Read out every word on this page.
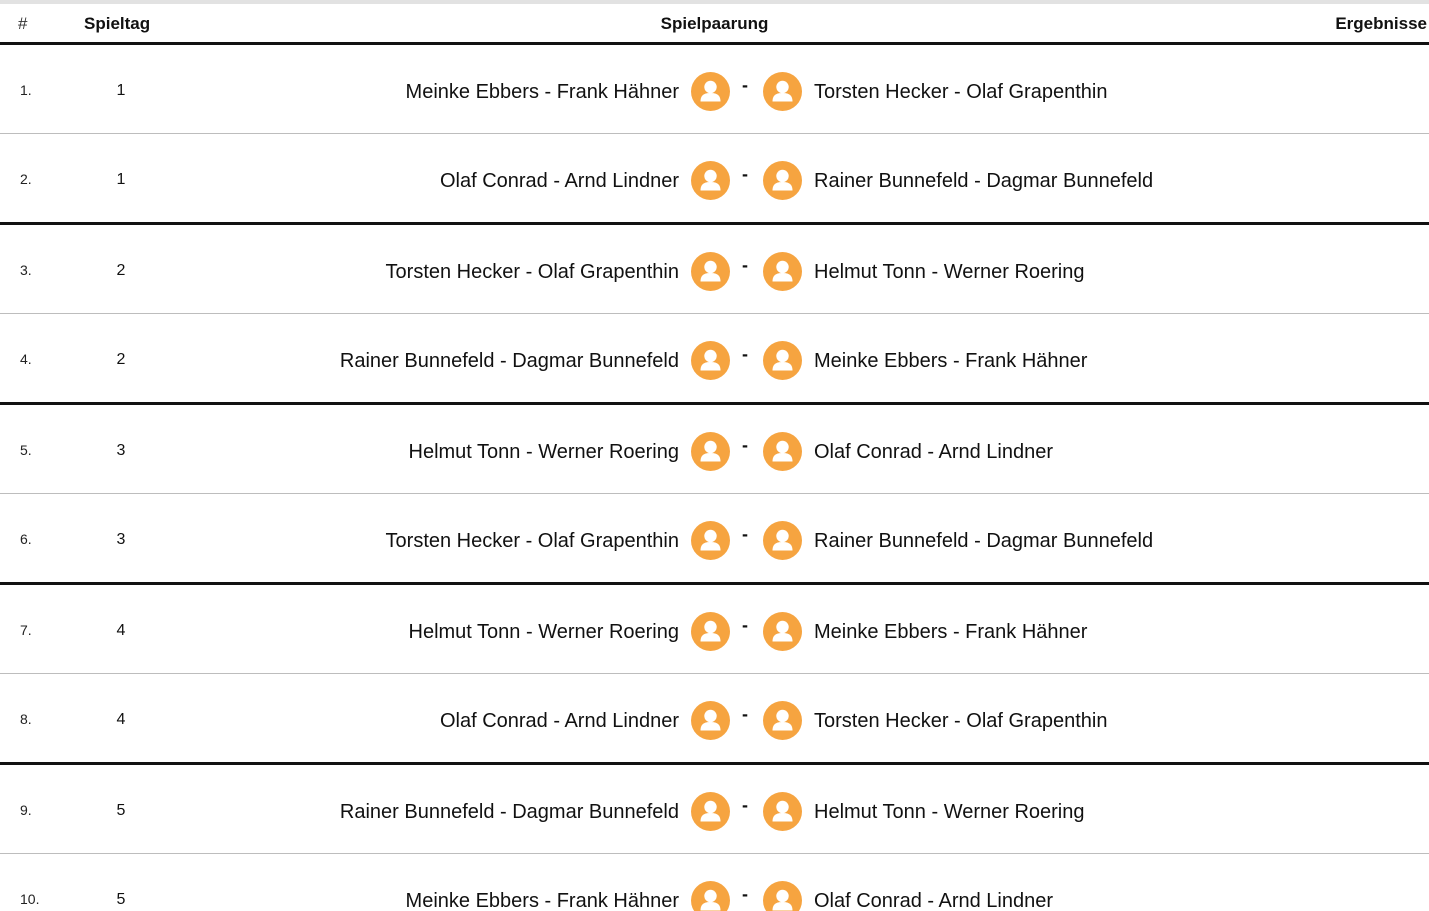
#	Spieltag	Spielpaarung	Ergebnisse
1.	1	Meinke Ebbers - Frank Hähner	-	Torsten Hecker - Olaf Grapenthin
2.	1	Olaf Conrad - Arnd Lindner	-	Rainer Bunnefeld - Dagmar Bunnefeld
3.	2	Torsten Hecker - Olaf Grapenthin	-	Helmut Tonn - Werner Roering
4.	2	Rainer Bunnefeld - Dagmar Bunnefeld	-	Meinke Ebbers - Frank Hähner
5.	3	Helmut Tonn - Werner Roering	-	Olaf Conrad - Arnd Lindner
6.	3	Torsten Hecker - Olaf Grapenthin	-	Rainer Bunnefeld - Dagmar Bunnefeld
7.	4	Helmut Tonn - Werner Roering	-	Meinke Ebbers - Frank Hähner
8.	4	Olaf Conrad - Arnd Lindner	-	Torsten Hecker - Olaf Grapenthin
9.	5	Rainer Bunnefeld - Dagmar Bunnefeld	-	Helmut Tonn - Werner Roering
10.	5	Meinke Ebbers - Frank Hähner	-	Olaf Conrad - Arnd Lindner
